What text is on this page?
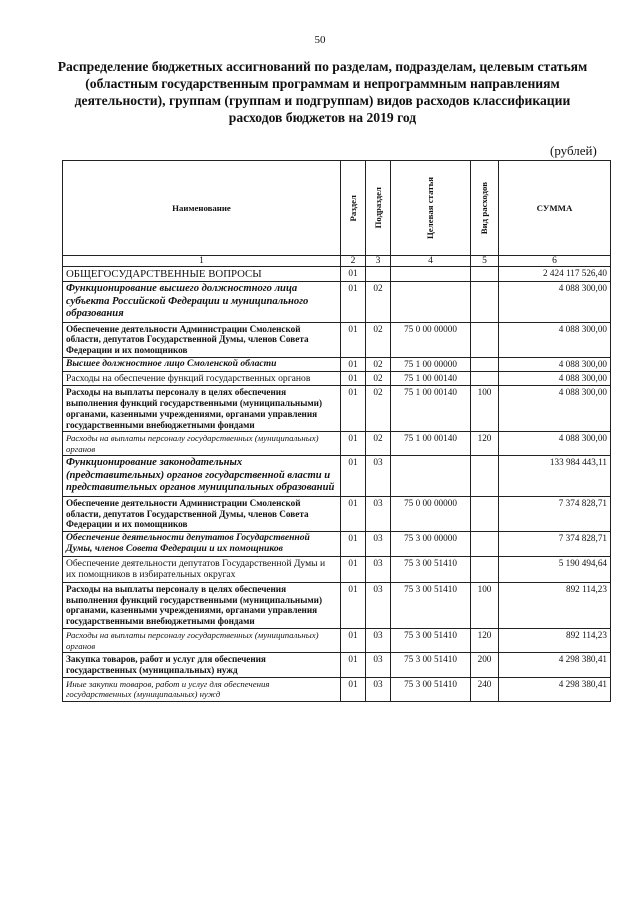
50
Распределение бюджетных ассигнований по разделам, подразделам, целевым статьям (областным государственным программам и непрограммным направлениям деятельности), группам (группам и подгруппам) видов расходов классификации расходов бюджетов на 2019 год
(рублей)
Наименование	Раздел	Подраздел	Целевая статья	Вид расходов	СУММА
1	2	3	4	5	6
ОБЩЕГОСУДАРСТВЕННЫЕ ВОПРОСЫ	01				2 424 117 526,40
Функционирование высшего должностного лица субъекта Российской Федерации и муниципального образования	01	02			4 088 300,00
Обеспечение деятельности Администрации Смоленской области, депутатов Государственной Думы, членов Совета Федерации и их помощников	01	02	75 0 00 00000		4 088 300,00
Высшее должностное лицо Смоленской области	01	02	75 1 00 00000		4 088 300,00
Расходы на обеспечение функций государственных органов	01	02	75 1 00 00140		4 088 300,00
Расходы на выплаты персоналу в целях обеспечения выполнения функций государственными (муниципальными) органами, казенными учреждениями, органами управления государственными внебюджетными фондами	01	02	75 1 00 00140	100	4 088 300,00
Расходы на выплаты персоналу государственных (муниципальных) органов	01	02	75 1 00 00140	120	4 088 300,00
Функционирование законодательных (представительных) органов государственной власти и представительных органов муниципальных образований	01	03			133 984 443,11
Обеспечение деятельности Администрации Смоленской области, депутатов Государственной Думы, членов Совета Федерации и их помощников	01	03	75 0 00 00000		7 374 828,71
Обеспечение деятельности депутатов Государственной Думы, членов Совета Федерации и их помощников	01	03	75 3 00 00000		7 374 828,71
Обеспечение деятельности депутатов Государственной Думы и их помощников в избирательных округах	01	03	75 3 00 51410		5 190 494,64
Расходы на выплаты персоналу в целях обеспечения выполнения функций государственными (муниципальными) органами, казенными учреждениями, органами управления государственными внебюджетными фондами	01	03	75 3 00 51410	100	892 114,23
Расходы на выплаты персоналу государственных (муниципальных) органов	01	03	75 3 00 51410	120	892 114,23
Закупка товаров, работ и услуг для обеспечения государственных (муниципальных) нужд	01	03	75 3 00 51410	200	4 298 380,41
Иные закупки товаров, работ и услуг для обеспечения государственных (муниципальных) нужд	01	03	75 3 00 51410	240	4 298 380,41
